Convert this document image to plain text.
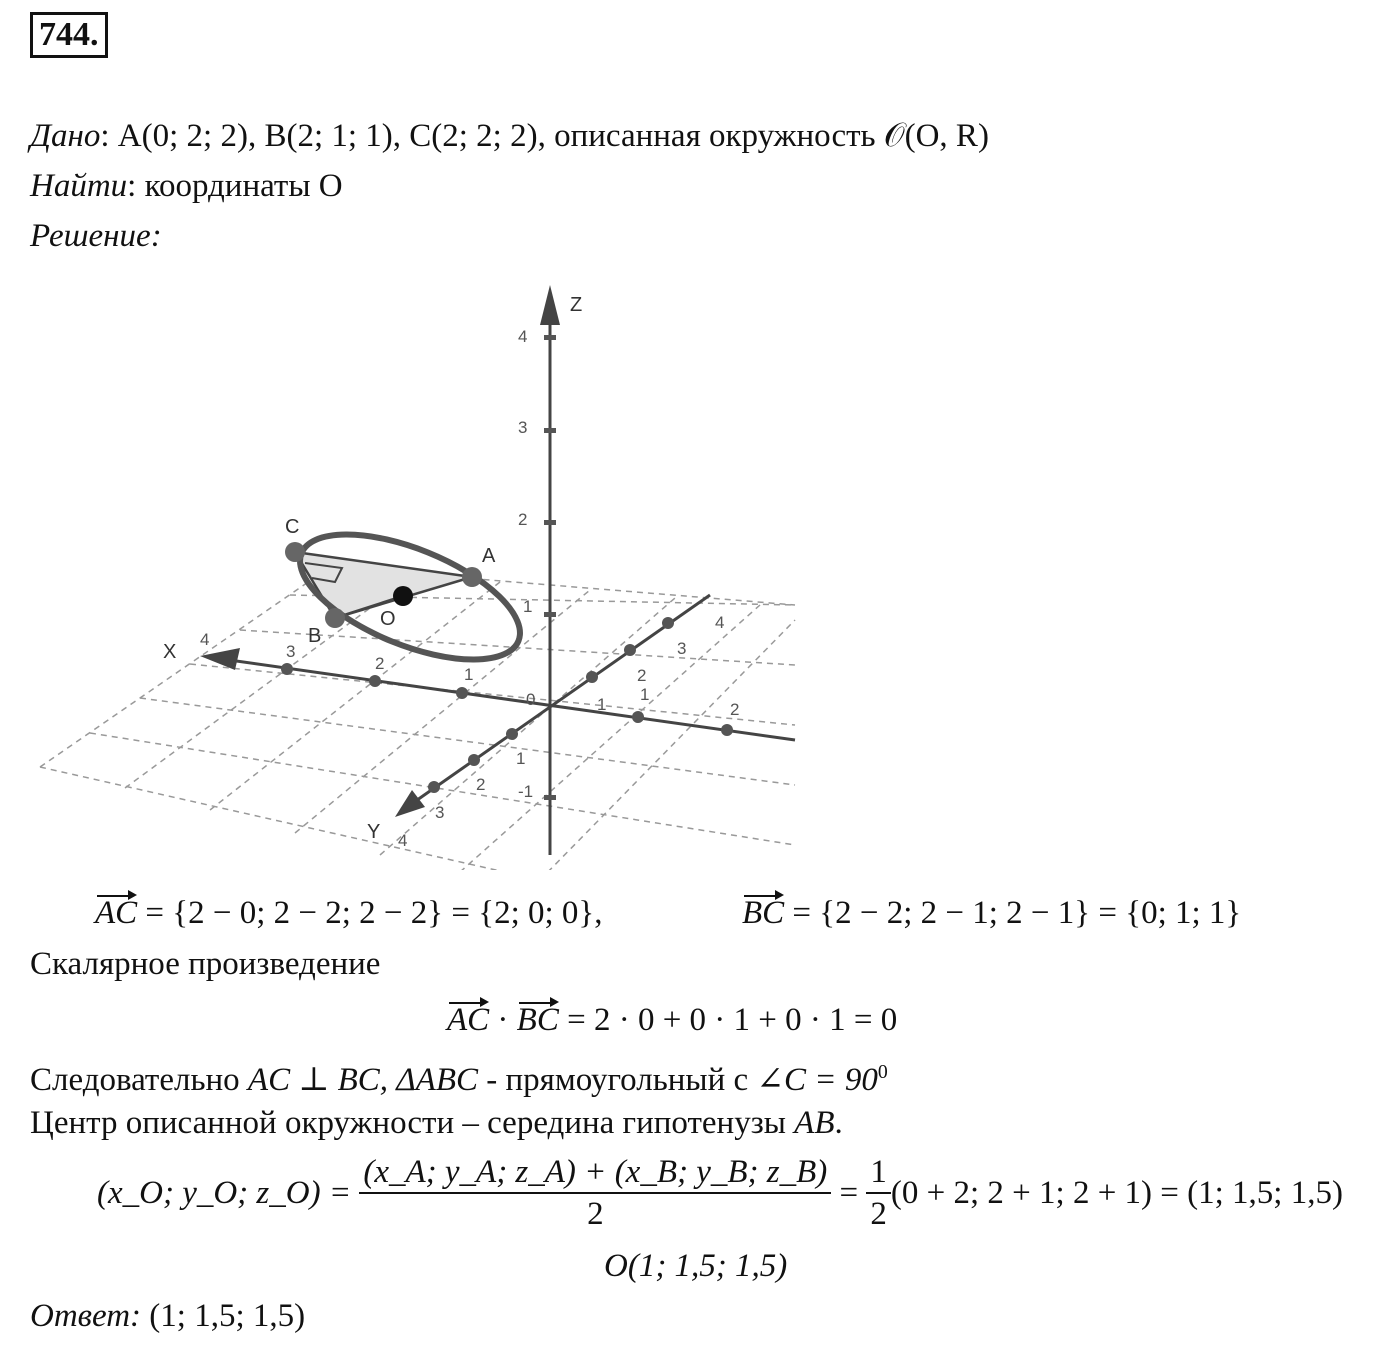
744.
Дано: A(0; 2; 2), B(2; 1; 1), C(2; 2; 2), описанная окружность 𝒪(O, R)
Найти: координаты O
Решение:
Z
X
Y
C
A
B
O
4
3
2
1
-1
4
3
2
1
4
3
2
1
4
3
2
1
1
2
0
AC = {2 − 0; 2 − 2; 2 − 2} = {2; 0; 0},	BC = {2 − 2; 2 − 1; 2 − 1} = {0; 1; 1}
Скалярное произведение
AC · BC = 2 · 0 + 0 · 1 + 0 · 1 = 0
Следовательно AC ⊥ BC, ΔABC - прямоугольный с ∠C = $90^0$
Центр описанной окружности – середина гипотенузы AB.
(x_O; y_O; z_O) = $\frac{(x\_A; y\_A; z\_A) + (x\_B; y\_B; z\_B)}{2} = \frac{1}{2} (0 + 2$; 2 + 1; 2 + 1) = (1; 1,5; 1,5)
O(1; 1,5; 1,5)
Ответ: (1; 1,5; 1,5)
